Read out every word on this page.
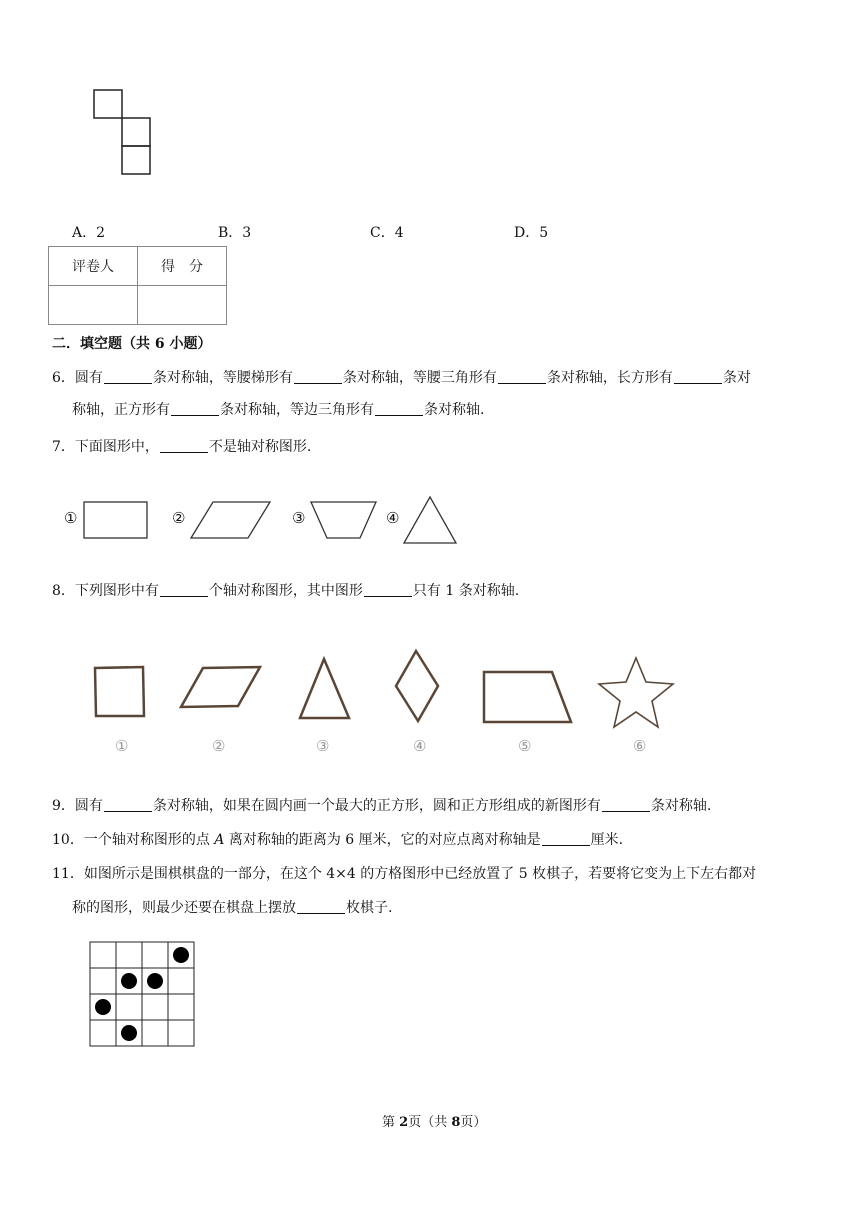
A．2	B．3	C．4	D．5
评卷人	得　分

二．填空题（共 6 小题）
6．圆有	条对称轴，等腰梯形有	条对称轴，等腰三角形有	条对称轴，长方形有	条对
称轴，正方形有	条对称轴，等边三角形有	条对称轴.
7．下面图形中，	不是轴对称图形.
①	②	③	④
8．下列图形中有	个轴对称图形，其中图形	只有 1 条对称轴.
①	②	③	④	⑤	⑥
9．圆有	条对称轴，如果在圆内画一个最大的正方形，圆和正方形组成的新图形有	条对称轴.
10．一个轴对称图形的点 A 离对称轴的距离为 6 厘米，它的对应点离对称轴是	厘米.
11．如图所示是围棋棋盘的一部分，在这个 4×4 的方格图形中已经放置了 5 枚棋子，若要将它变为上下左右都对
称的图形，则最少还要在棋盘上摆放	枚棋子.
第 2页（共 8页）
